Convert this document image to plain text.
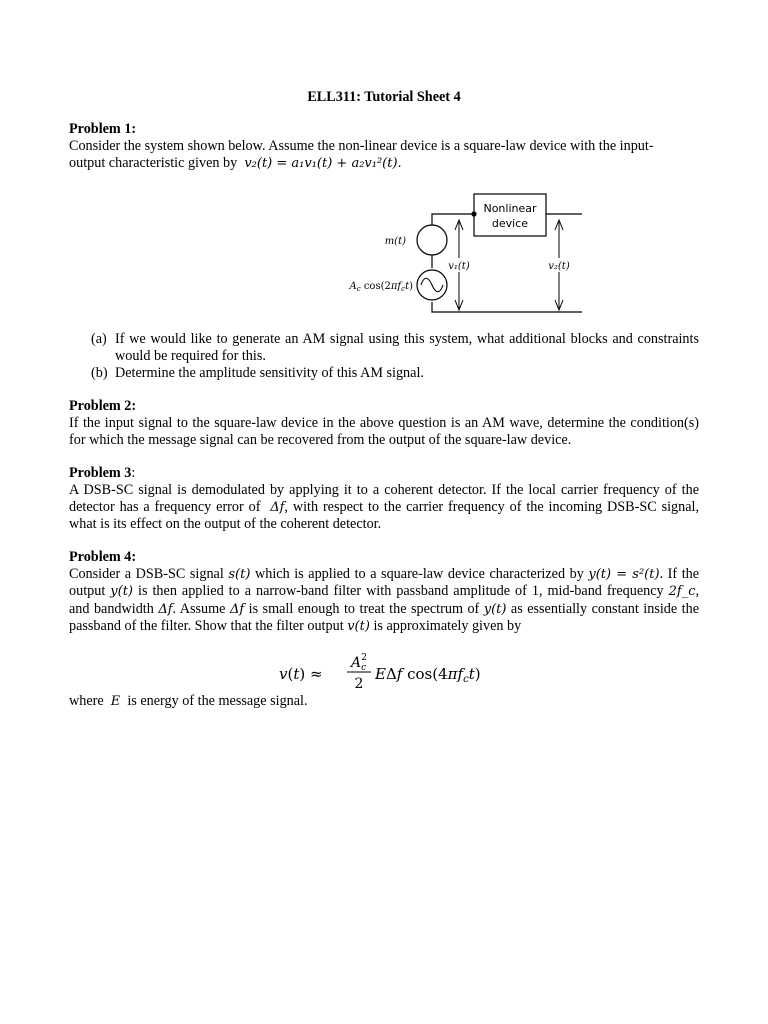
ELL311: Tutorial Sheet 4
Problem 1:
Consider the system shown below. Assume the non-linear device is a square-law device with the input-
output characteristic given by v₂(t) = a₁v₁(t) + a₂v₁²(t).
Nonlinear
device
m(t)
$A_c$ $\cos(2\pi f_ct)$
v₁(t)	v₂(t)
(a) If we would like to generate an AM signal using this system, what additional blocks and constraints would be required for this.
(b) Determine the amplitude sensitivity of this AM signal.
Problem 2:
If the input signal to the square-law device in the above question is an AM wave, determine the condition(s) for which the message signal can be recovered from the output of the square-law device.
Problem 3:
A DSB-SC signal is demodulated by applying it to a coherent detector. If the local carrier frequency of the detector has a frequency error of Δf, with respect to the carrier frequency of the incoming DSB-SC signal, what is its effect on the output of the coherent detector.
Problem 4:
Consider a DSB-SC signal s(t) which is applied to a square-law device characterized by y(t) = s²(t). If the output y(t) is then applied to a narrow-band filter with passband amplitude of 1, mid-band frequency 2f_c, and bandwidth Δf. Assume Δf is small enough to treat the spectrum of y(t) as essentially constant inside the passband of the filter. Show that the filter output v(t) is approximately given by
v(t) ≈
$A_c2$
2
EΔf $\cos(4\pi f_ct)$
where E is energy of the message signal.
